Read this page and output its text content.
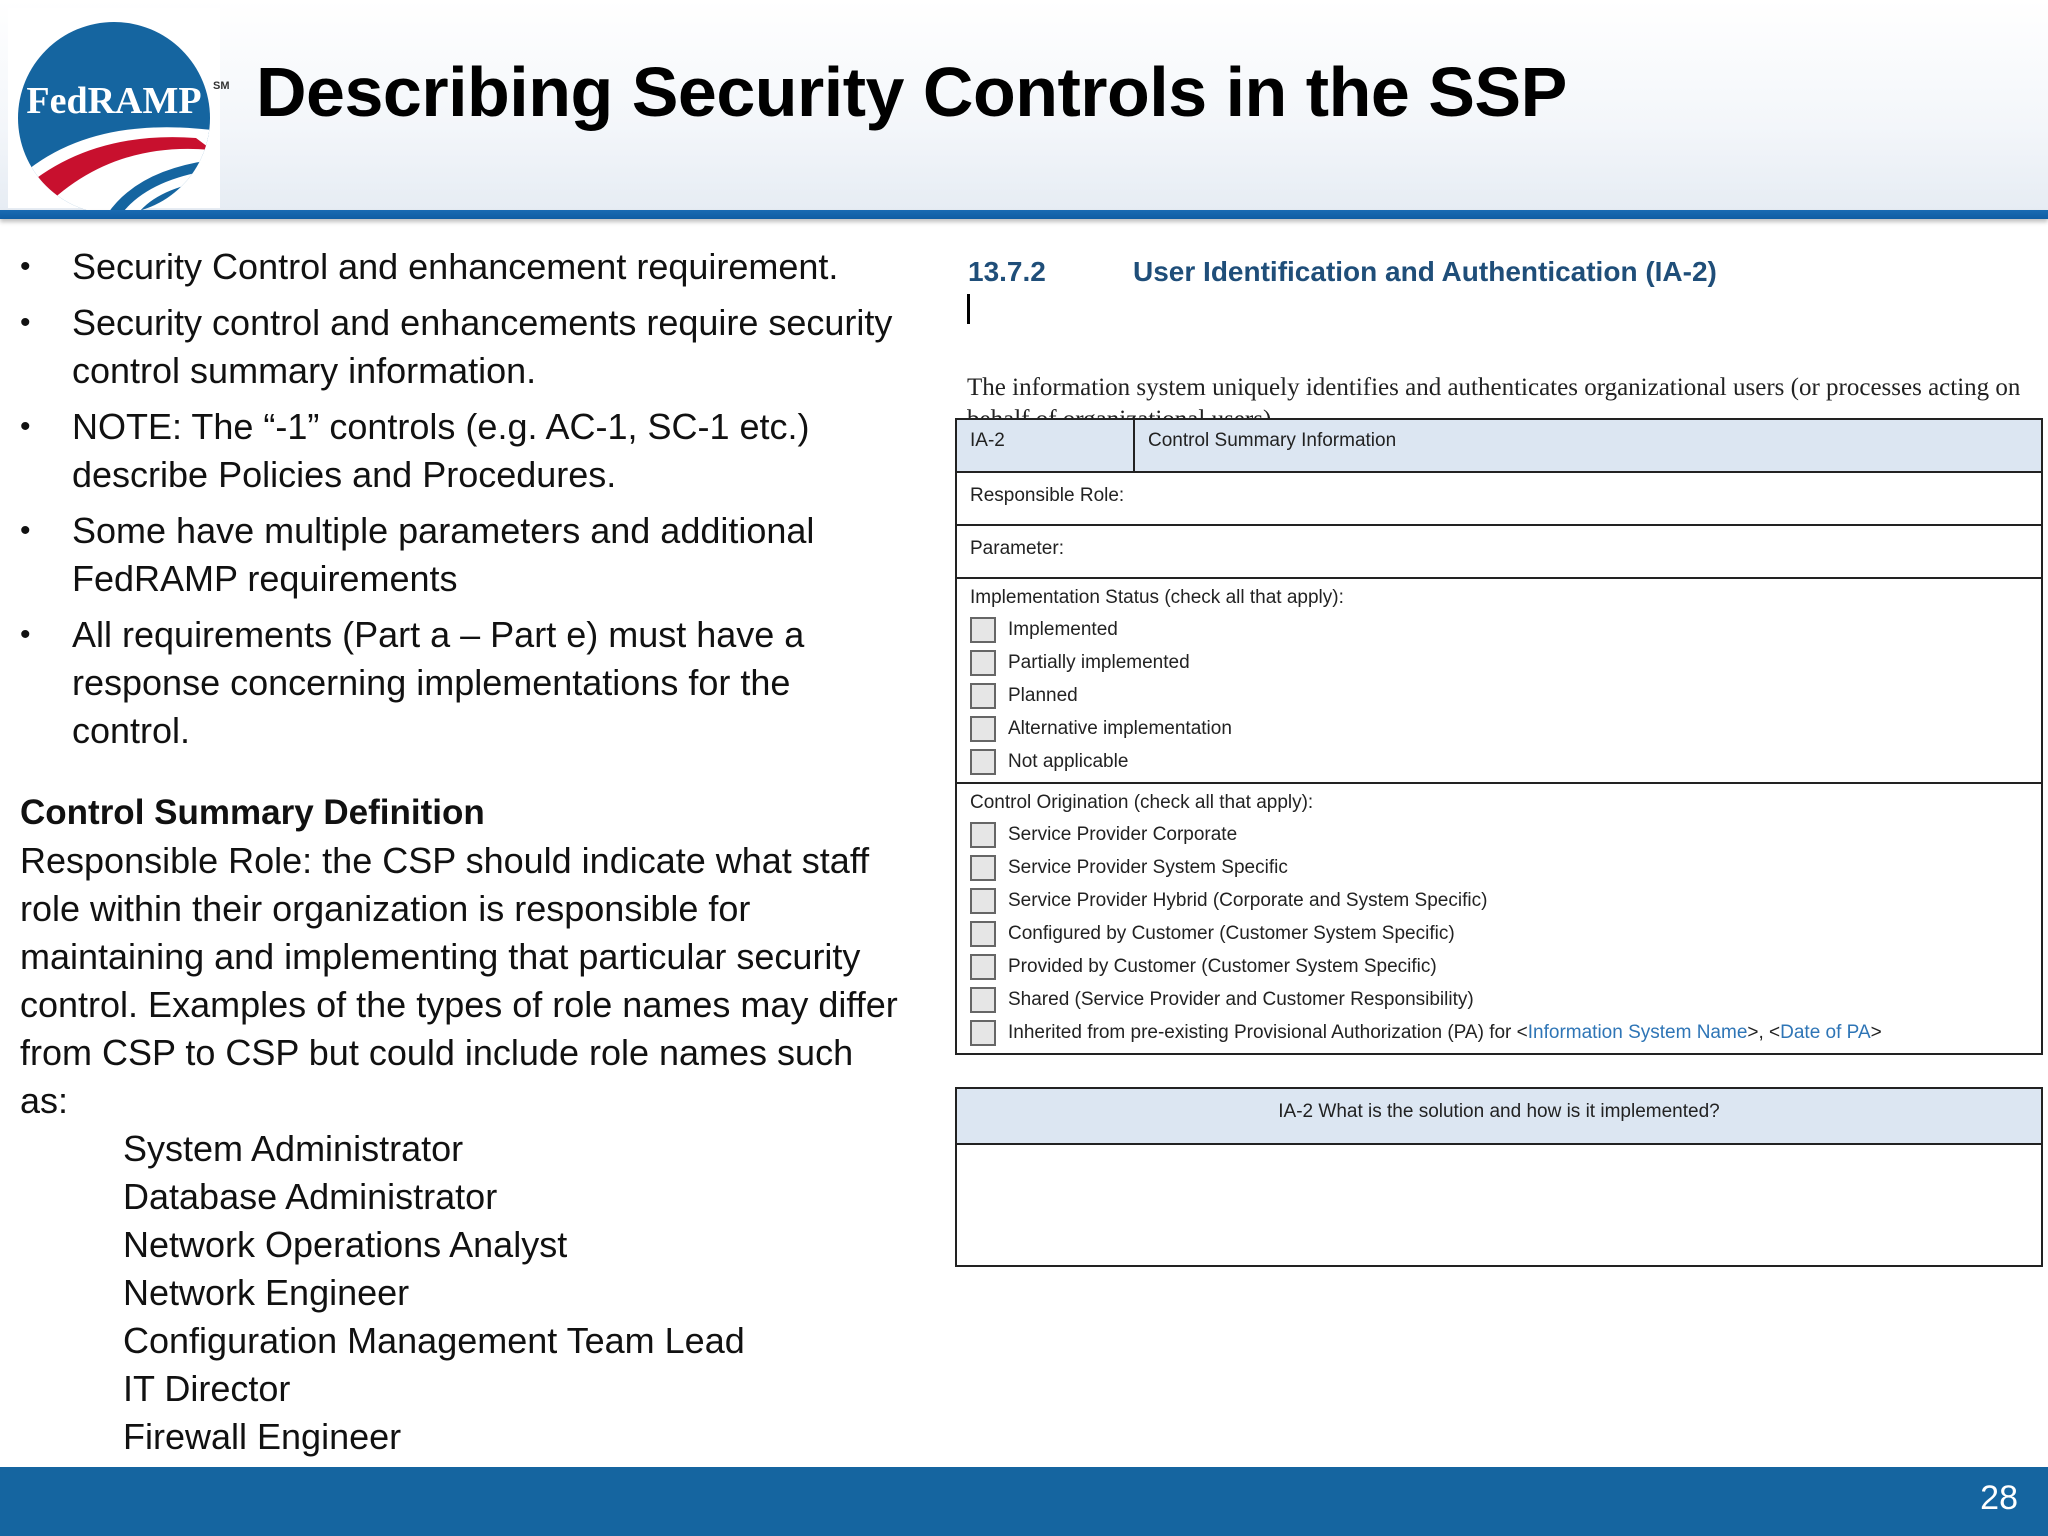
FedRAMP SM Describing Security Controls in the SSP
• Security Control and enhancement requirement.
• Security control and enhancements require security control summary information.
• NOTE: The “-1” controls (e.g. AC-1, SC-1 etc.) describe Policies and Procedures.
• Some have multiple parameters and additional FedRAMP requirements
• All requirements (Part a – Part e) must have a response concerning implementations for the control.
Control Summary Definition
Responsible Role: the CSP should indicate what staff role within their organization is responsible for maintaining and implementing that particular security control. Examples of the types of role names may differ from CSP to CSP but could include role names such as:
System Administrator
Database Administrator
Network Operations Analyst
Network Engineer
Configuration Management Team Lead
IT Director
Firewall Engineer
13.7.2	User Identification and Authentication (IA-2)
The information system uniquely identifies and authenticates organizational users (or processes acting on
IA-2	Control Summary Information
Responsible Role:
Parameter:
Implementation Status (check all that apply):
Implemented
Partially implemented
Planned
Alternative implementation
Not applicable
Control Origination (check all that apply):
Service Provider Corporate
Service Provider System Specific
Service Provider Hybrid (Corporate and System Specific)
Configured by Customer (Customer System Specific)
Provided by Customer (Customer System Specific)
Shared (Service Provider and Customer Responsibility)
Inherited from pre-existing Provisional Authorization (PA) for <Information System Name>, <Date of PA>
IA-2 What is the solution and how is it implemented?
28
